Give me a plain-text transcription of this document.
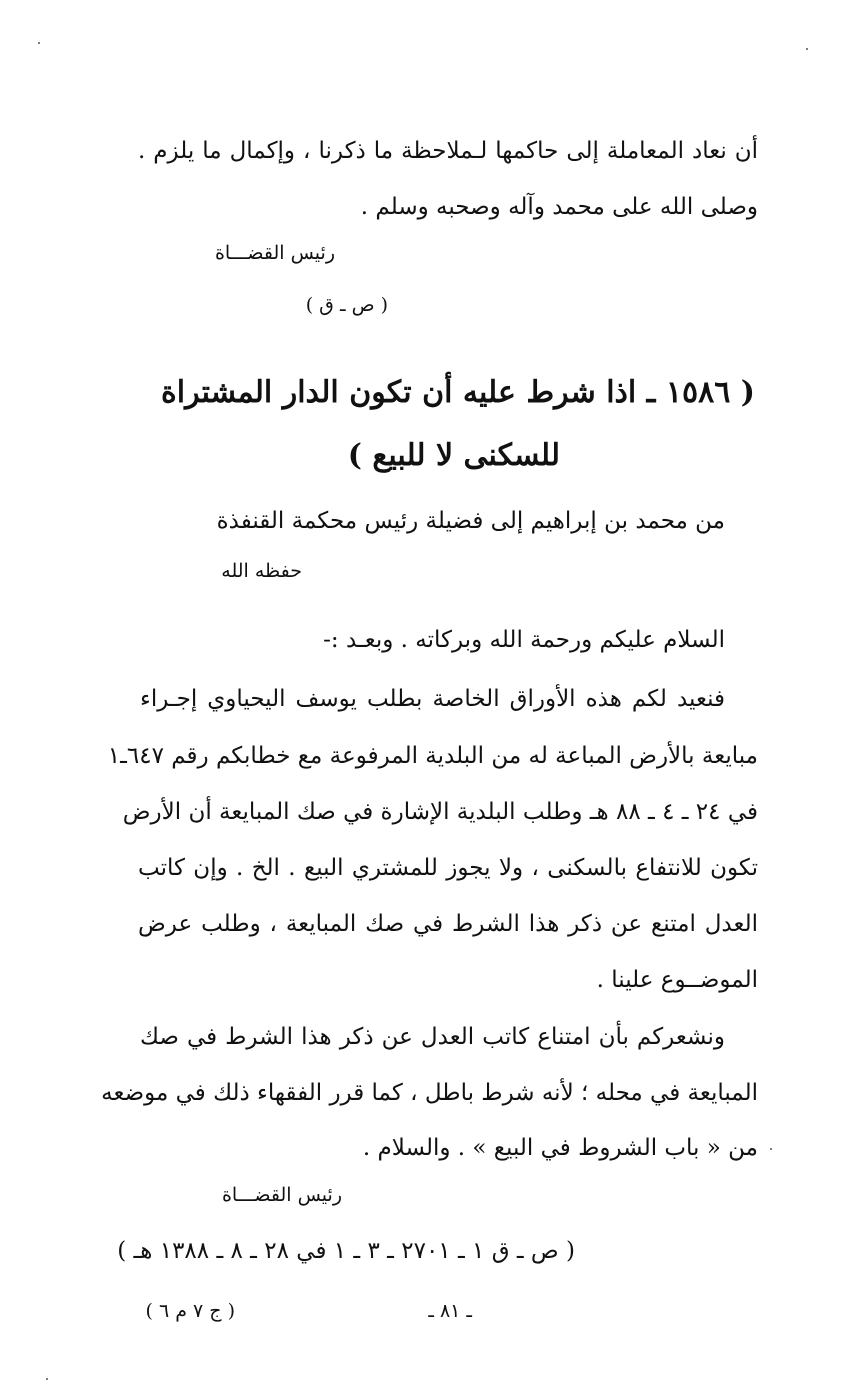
أن نعاد المعاملة إلى حاكمها لـملاحظة ما ذكرنا ، وإكمال ما يلزم .
وصلى الله على محمد وآله وصحبه وسلم .
رئيس القضـــاة
( ص ـ ق )
( ١٥٨٦ ـ اذا شرط عليه أن تكون الدار المشتراة
للسكنى لا للبيع )
من محمد بن إبراهيم إلى فضيلة رئيس محكمة القنفذة
حفظه الله
السلام عليكم ورحمة الله وبركاته . وبعـد :-
فنعيد لكم هذه الأوراق الخاصة بطلب يوسف اليحياوي إجـراء
مبايعة بالأرض المباعة له من البلدية المرفوعة مع خطابكم رقم ٦٤٧ـ١
في ٢٤ ـ ٤ ـ ٨٨ هـ وطلب البلدية الإشارة في صك المبايعة أن الأرض
تكون للانتفاع بالسكنى ، ولا يجوز للمشتري البيع . الخ . وإن كاتب
العدل امتنع عن ذكر هذا الشرط في صك المبايعة ، وطلب عرض
الموضــوع علينا .
ونشعركم بأن امتناع كاتب العدل عن ذكر هذا الشرط في صك
المبايعة في محله ؛ لأنه شرط باطل ، كما قرر الفقهاء ذلك في موضعه
من « باب الشروط في البيع » . والسلام .
رئيس القضـــاة
( ص ـ ق ١ ـ ٢٧٠١ ـ ٣ ـ ١ في ٢٨ ـ ٨ ـ ١٣٨٨ هـ )
( ج ٧ م ٦ )	ـ ٨١ ـ
